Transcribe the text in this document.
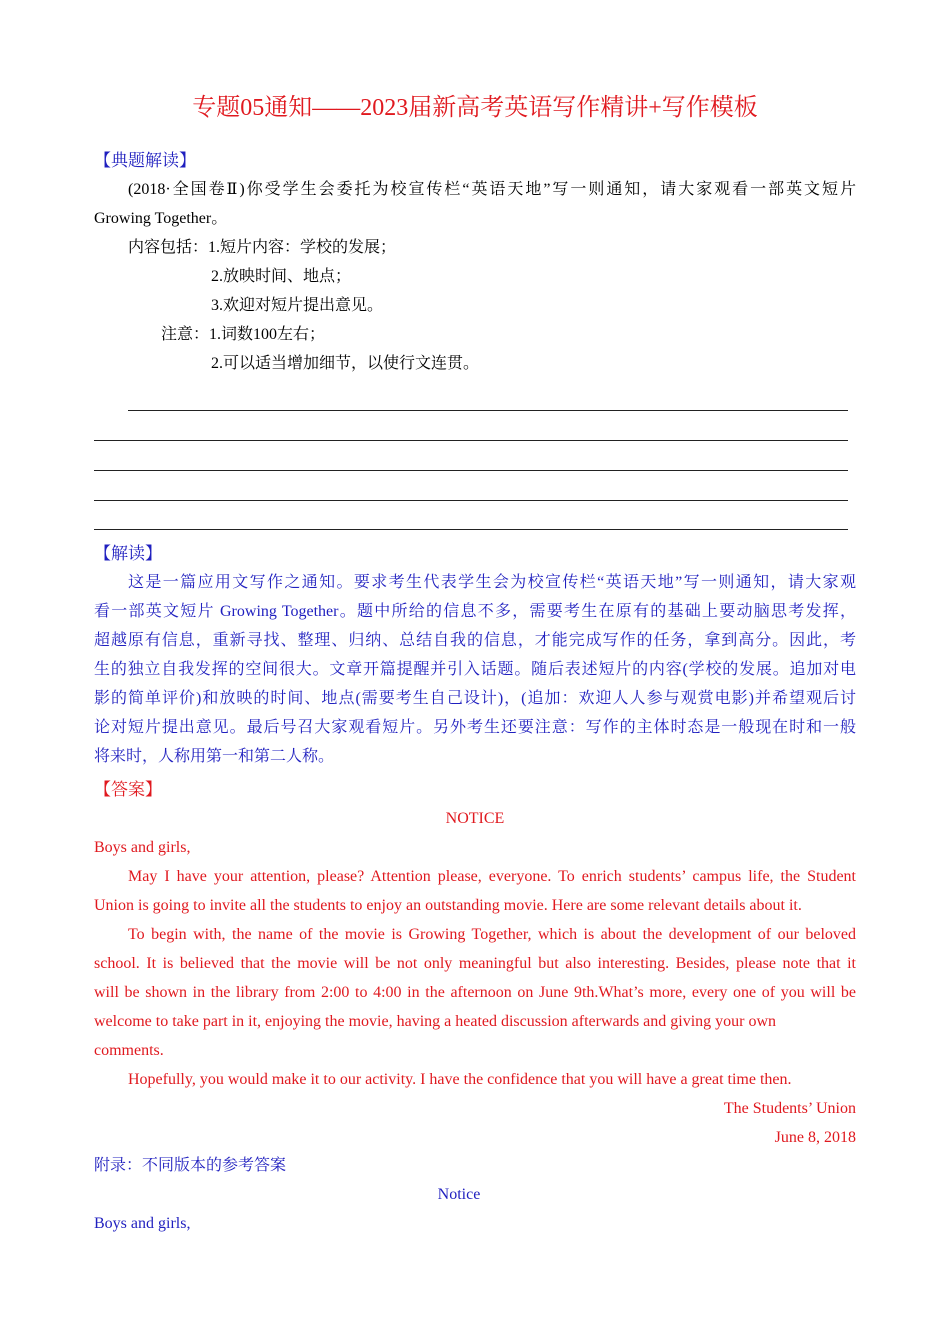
专题05通知——2023届新高考英语写作精讲+写作模板
【典题解读】
(2018·全国卷Ⅱ)你受学生会委托为校宣传栏“英语天地”写一则通知，请大家观看一部英文短片
Growing Together。
内容包括：1.短片内容：学校的发展；
2.放映时间、地点；
3.欢迎对短片提出意见。
注意：1.词数100左右；
2.可以适当增加细节，以使行文连贯。
【解读】
这是一篇应用文写作之通知。要求考生代表学生会为校宣传栏“英语天地”写一则通知，请大家观
看一部英文短片 Growing Together。题中所给的信息不多，需要考生在原有的基础上要动脑思考发挥，
超越原有信息，重新寻找、整理、归纳、总结自我的信息，才能完成写作的任务，拿到高分。因此，考
生的独立自我发挥的空间很大。文章开篇提醒并引入话题。随后表述短片的内容(学校的发展。追加对电
影的简单评价)和放映的时间、地点(需要考生自己设计)，(追加：欢迎人人参与观赏电影)并希望观后讨
论对短片提出意见。最后号召大家观看短片。另外考生还要注意：写作的主体时态是一般现在时和一般
将来时，人称用第一和第二人称。
【答案】
NOTICE
Boys and girls,
May I have your attention, please? Attention please, everyone. To enrich students’ campus life, the Student
Union is going to invite all the students to enjoy an outstanding movie. Here are some relevant details about it.
To begin with, the name of the movie is Growing Together, which is about the development of our beloved
school. It is believed that the movie will be not only meaningful but also interesting. Besides, please note that it
will be shown in the library from 2:00 to 4:00 in the afternoon on June 9th.What’s more, every one of you will be
welcome to take part in it, enjoying the movie, having a heated discussion afterwards and giving your own
comments.
Hopefully, you would make it to our activity. I have the confidence that you will have a great time then.
The Students’ Union
June 8, 2018
附录：不同版本的参考答案
Notice
Boys and girls,
